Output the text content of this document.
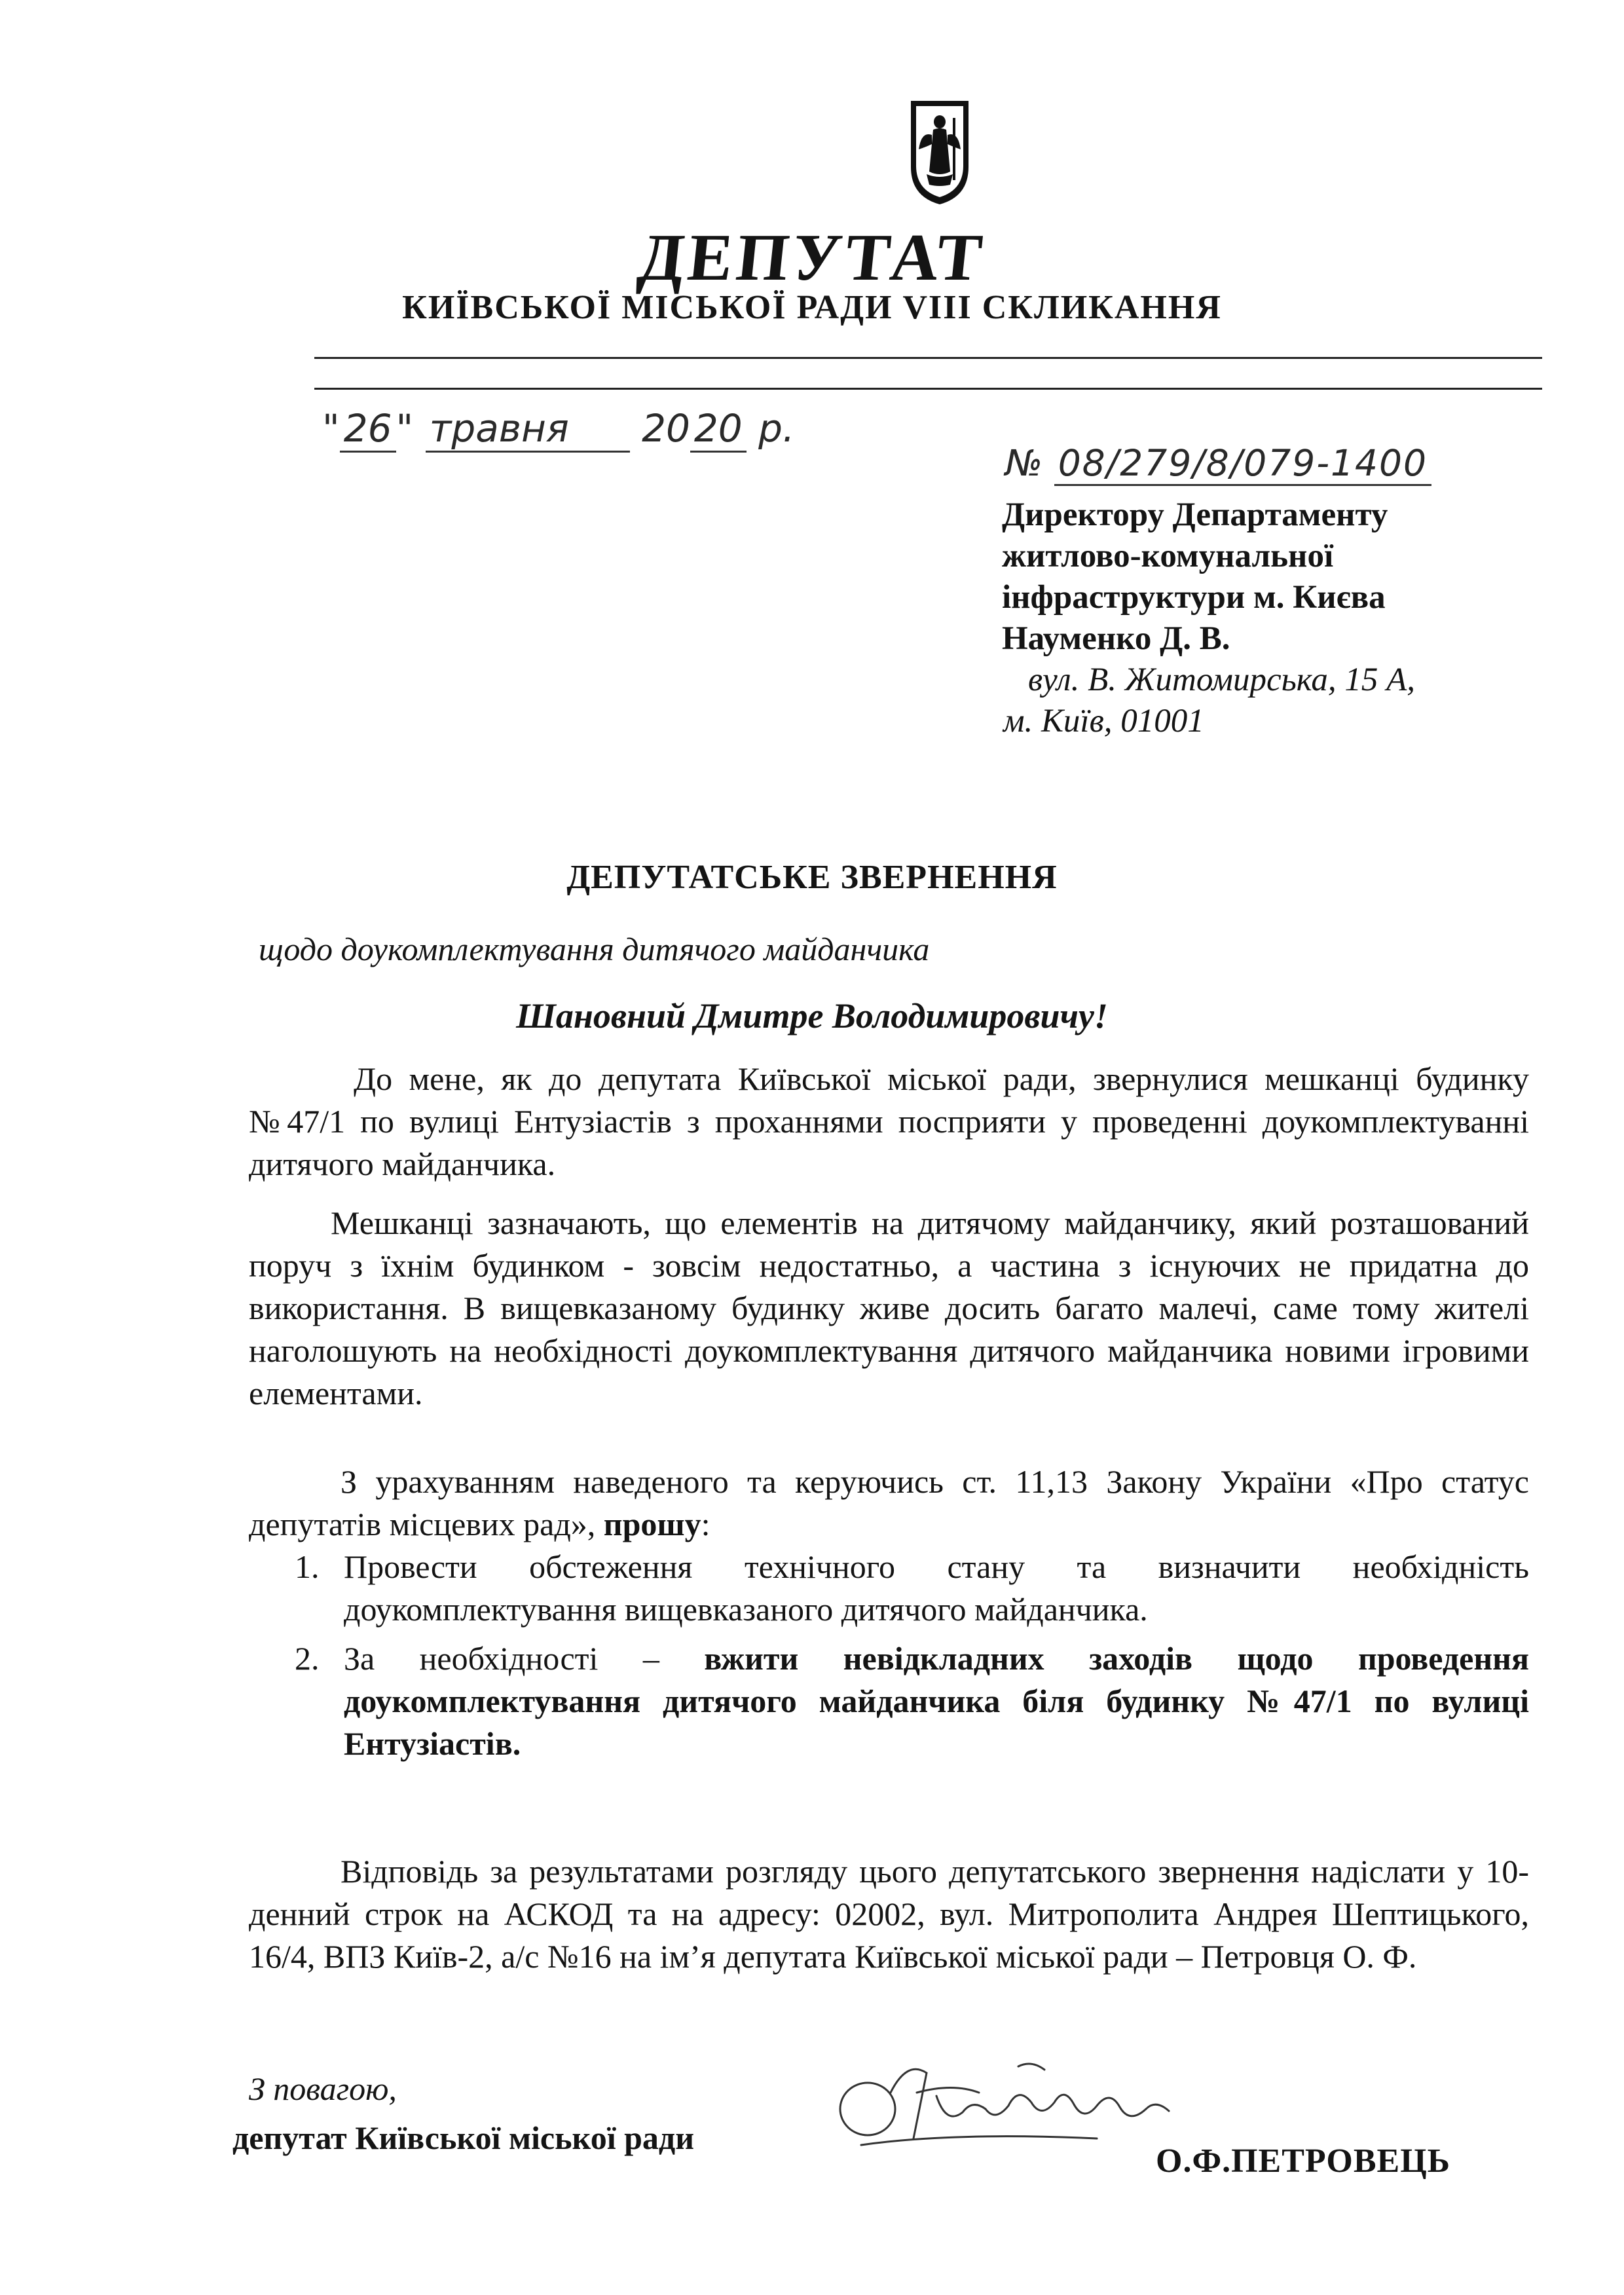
ДЕПУТАТ
КИЇВСЬКОЇ МІСЬКОЇ РАДИ VIII СКЛИКАННЯ
" 26 " травня 20 20 р.
№ 08/279/8/079-1400
Директору Департаменту
житлово-комунальної
інфраструктури м. Києва
Науменко Д. В.
вул. В. Житомирська, 15 А,
м. Київ, 01001
ДЕПУТАТСЬКЕ ЗВЕРНЕННЯ
щодо доукомплектування дитячого майданчика
Шановний Дмитре Володимировичу!
До мене, як до депутата Київської міської ради, звернулися мешканці будинку №47/1 по вулиці Ентузіастів з проханнями посприяти у проведенні доукомплектуванні дитячого майданчика.
Мешканці зазначають, що елементів на дитячому майданчику, який розташований поруч з їхнім будинком - зовсім недостатньо, а частина з існуючих не придатна до використання. В вищевказаному будинку живе досить багато малечі, саме тому жителі наголошують на необхідності доукомплектування дитячого майданчика новими ігровими елементами.
З урахуванням наведеного та керуючись ст. 11,13 Закону України «Про статус депутатів місцевих рад», прошу:
1. Провести обстеження технічного стану та визначити необхідність доукомплектування вищевказаного дитячого майданчика.
2. За необхідності – вжити невідкладних заходів щодо проведення доукомплектування дитячого майданчика біля будинку №47/1 по вулиці Ентузіастів.
Відповідь за результатами розгляду цього депутатського звернення надіслати у 10-денний строк на АСКОД та на адресу: 02002, вул. Митрополита Андрея Шептицького, 16/4, ВПЗ Київ-2, а/с №16 на ім’я депутата Київської міської ради – Петровця О. Ф.
З повагою,
депутат Київської міської ради
О.Ф.ПЕТРОВЕЦЬ
